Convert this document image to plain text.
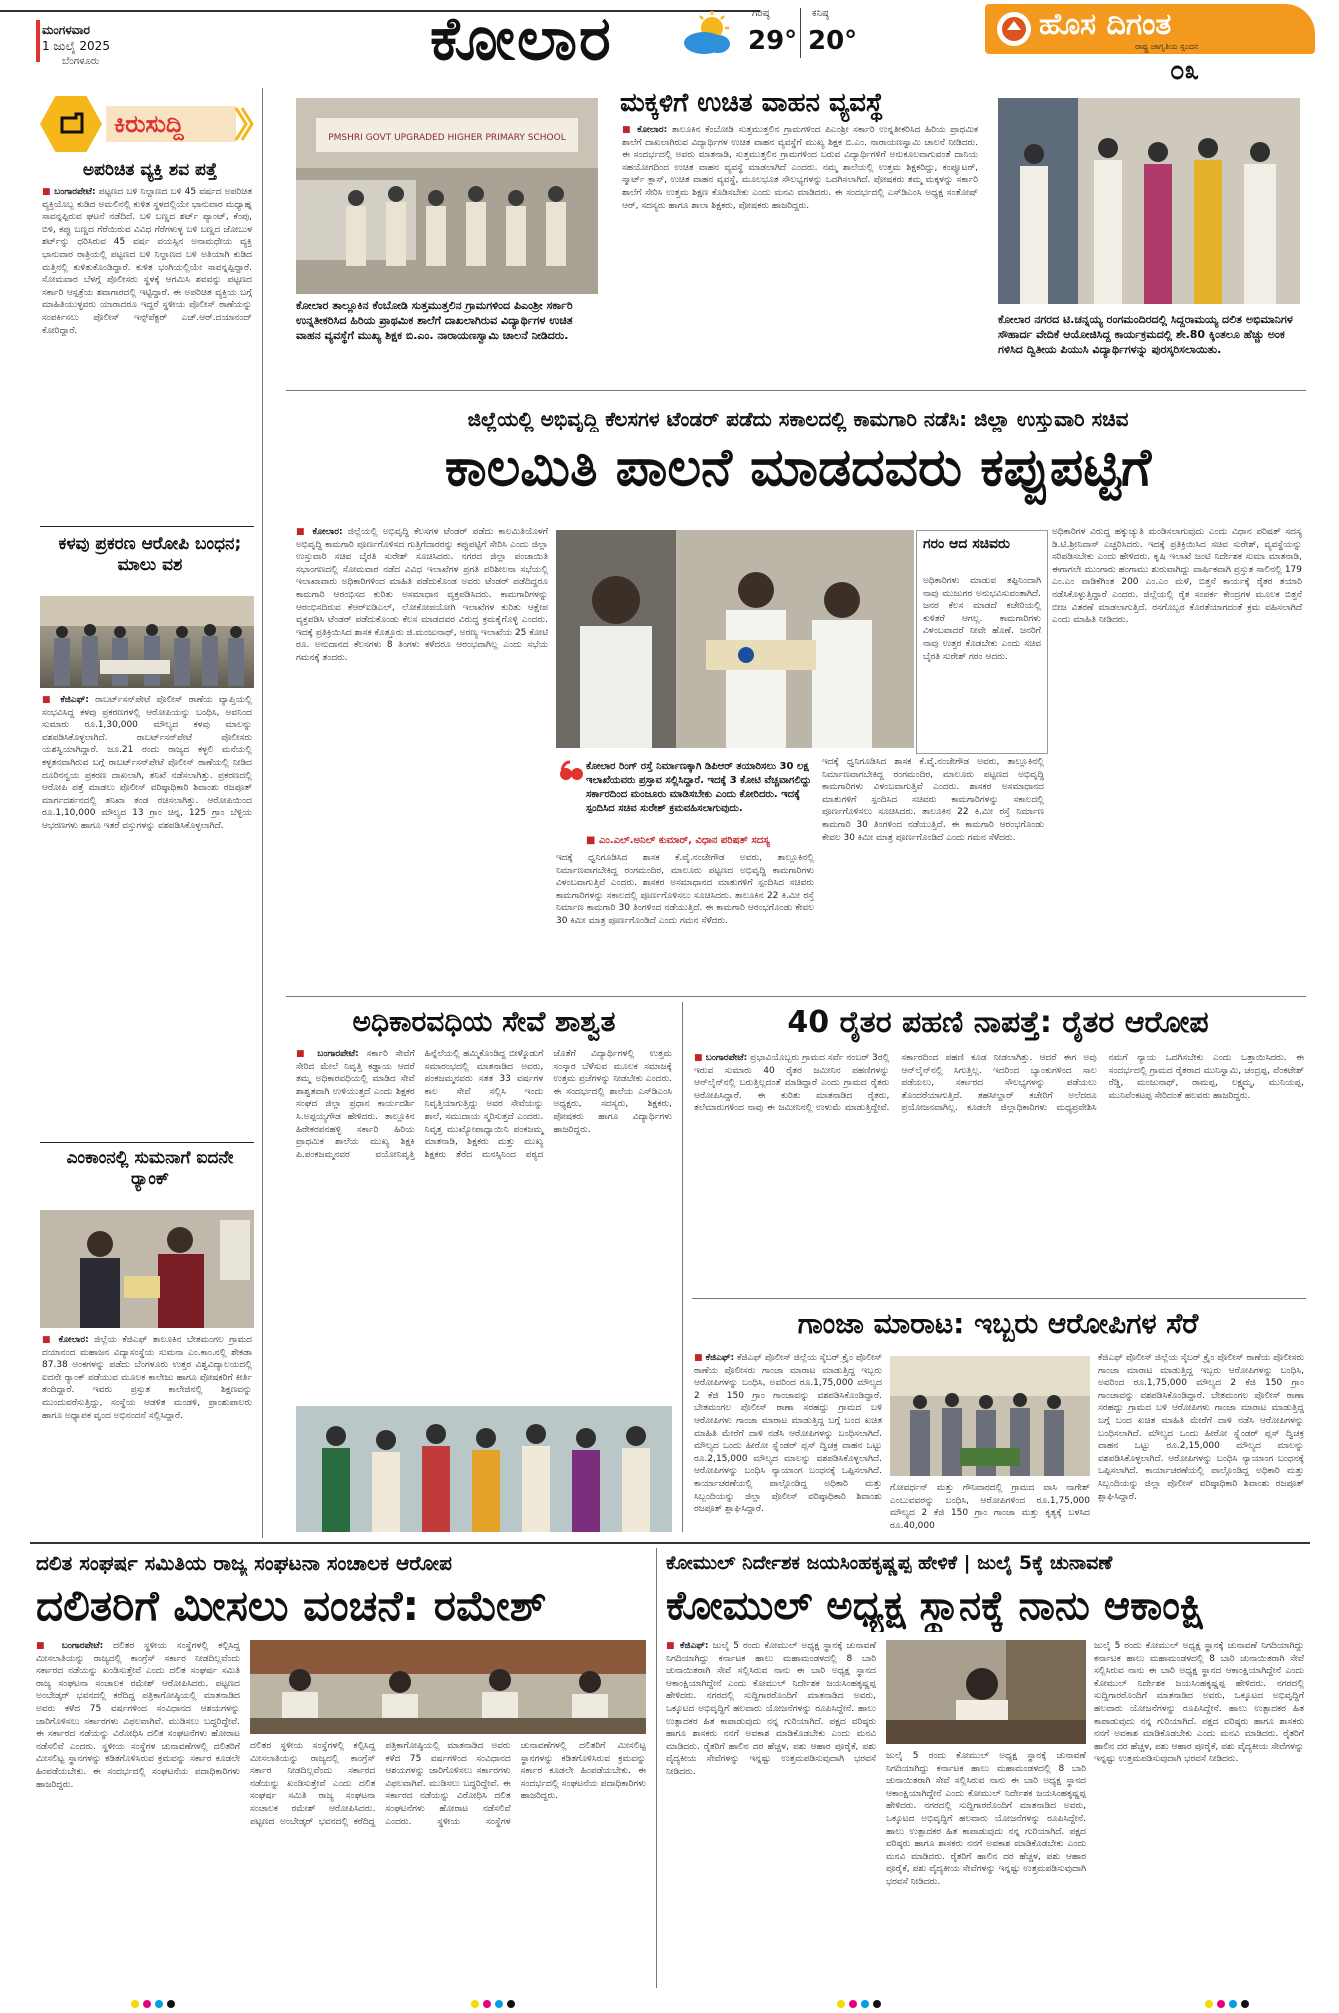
ಮಂಗಳವಾರ
1 ಜುಲೈ 2025
ಬೆಂಗಳೂರು	ಕೋಲಾರ	ಗರಿಷ್ಠ
29°
ಕನಿಷ್ಠ
20°	ಹೊಸ ದಿಗಂತ
ರಾಷ್ಟ್ರ ಜಾಗೃತಿಯ ಸ್ಪಂದನ
೦೩
ಕಿರುಸುದ್ದಿ
ಅಪರಿಚಿತ ವ್ಯಕ್ತಿ ಶವ ಪತ್ತೆ
■ ಬಂಗಾರಪೇಟೆ: ಪಟ್ಟಣದ ಬಳಿ ನಿಲ್ದಾಣದ ಬಳಿ 45 ವರ್ಷದ ಅಪರಿಚಿತ ವ್ಯಕ್ತಿಯೊಬ್ಬ ಕುಡಿದ ಅಮಲಿನಲ್ಲಿ ಕುಳಿತ ಸ್ಥಳದಲ್ಲಿಯೇ ಭಾನುವಾರ ಮಧ್ಯಾಹ್ನ ಸಾವನ್ನಪ್ಪಿರುವ ಘಟನೆ ನಡೆದಿದೆ. ಬಳಿ ಬಣ್ಣದ ಶರ್ಟ್ ಪ್ಯಾಂಟ್, ಕೆಂಪು, ಬಿಳಿ, ಕಪ್ಪು ಬಣ್ಣದ ಗೆರೆಯಿರುವ ವಿವಿಧ ಗೆರೆಗಳುಳ್ಳ ಬಳಿ ಬಣ್ಣದ ಜೋಬುಳ ಶರ್ಟ್‌ನ್ನು ಧರಿಸಿರುವ 45 ವರ್ಷ ವಯಸ್ಸಿನ ಅನಾಮಧೇಯ ವ್ಯಕ್ತಿ ಭಾನುವಾರ ರಾತ್ರಿಯಲ್ಲಿ ಪಟ್ಟಣದ ಬಳಿ ನಿಲ್ದಾಣದ ಬಳಿ ಅತಿಯಾಗಿ ಕುಡಿದ ಮತ್ತಿನಲ್ಲಿ ಕುಳಿತುಕೊಂಡಿದ್ದಾರೆ. ಕುಳಿತ ಭಂಗಿಯಲ್ಲಿಯೇ ಸಾವನ್ನಪ್ಪಿದ್ದಾರೆ. ಸೋಮವಾರ ಬೆಳಗ್ಗೆ ಪೊಲೀಸರು ಸ್ಥಳಕ್ಕೆ ಆಗಮಿಸಿ ಶವವನ್ನು ಪಟ್ಟಣದ ಸರ್ಕಾರಿ ಆಸ್ಪತ್ರೆಯ ಶವಾಗಾರದಲ್ಲಿ ಇಟ್ಟಿದ್ದಾರೆ. ಈ ಅಪರಿಚಿತ ವ್ಯಕ್ತಿಯ ಬಗ್ಗೆ ಮಾಹಿತಿಯುಳ್ಳವರು ಯಾರಾದರೂ ಇದ್ದರೆ ಸ್ಥಳೀಯ ಪೊಲೀಸ್ ಠಾಣೆಯನ್ನು ಸಂಪರ್ಕಿಸಲು ಪೊಲೀಸ್ ಇನ್ಸ್‌ಪೆಕ್ಟರ್ ಎಚ್.ಆರ್.ದಯಾನಂದ್ ಕೋರಿದ್ದಾರೆ.
ಕಳವು ಪ್ರಕರಣ ಆರೋಪಿ ಬಂಧನ; ಮಾಲು ವಶ
■ ಕೆಜಿಎಫ್: ರಾಬರ್ಟ್‌ಸನ್‌ಪೇಟೆ ಪೊಲೀಸ್ ಠಾಣೆಯ ವ್ಯಾಪ್ತಿಯಲ್ಲಿ ಸಂಭವಿಸಿದ್ದ ಕಳವು ಪ್ರಕರಣಗಳಲ್ಲಿ ಆರೋಪಿಯನ್ನು ಬಂಧಿಸಿ, ಅವನಿಂದ ಸುಮಾರು ರೂ.1,30,000 ಮೌಲ್ಯದ ಕಳವು ಮಾಲನ್ನು ವಶಪಡಿಸಿಕೊಳ್ಳಲಾಗಿದೆ. ರಾಬರ್ಟ್‌ಸನ್‌ಪೇಟೆ ಪೊಲೀಸರು ಯಶಸ್ವಿಯಾಗಿದ್ದಾರೆ. ಜೂ.21 ರಂದು ರಾಜ್ಯದ ಕಳ್ಳಲಿ ಮನೆಯಲ್ಲಿ ಕಳ್ಳತನವಾಗಿರುವ ಬಗ್ಗೆ ರಾಬರ್ಟ್‌ಸನ್‌ಪೇಟೆ ಪೊಲೀಸ್ ಠಾಣೆಯಲ್ಲಿ ನೀಡಿದ ದೂರಿನನ್ವಯ ಪ್ರಕರಣ ದಾಖಲಾಗಿ, ತನಿಖೆ ನಡೆಸಲಾಗಿತ್ತು. ಪ್ರಕರಣದಲ್ಲಿ ಆರೋಪಿ ಪತ್ತೆ ಮಾಡಲು ಪೊಲೀಸ್ ವರಿಷ್ಠಾಧಿಕಾರಿ ಶಿವಾಂಶು ರಜಪೂತ್ ಮಾರ್ಗದರ್ಶನದಲ್ಲಿ ತನಿಖಾ ತಂಡ ರಚಿಸಲಾಗಿತ್ತು. ಆರೋಪಿಯಿಂದ ರೂ.1,10,000 ಮೌಲ್ಯದ 13 ಗ್ರಾಂ ಚಿನ್ನ, 125 ಗ್ರಾಂ ಬೆಳ್ಳಿಯ ಆಭರಣಗಳು ಹಾಗೂ ಇತರೆ ವಸ್ತುಗಳನ್ನು ವಶಪಡಿಸಿಕೊಳ್ಳಲಾಗಿದೆ.
ಎಂಕಾಂನಲ್ಲಿ ಸುಮನಾಗೆ ಐದನೇ ರ‍್ಯಾಂಕ್
■ ಕೋಲಾರ: ಜಿಲ್ಲೆಯ ಕೆಜಿಎಫ್ ತಾಲೂಕಿನ ಬೇತಮಂಗಲ ಗ್ರಾಮದ ದಯಾನಂದ ಮಹಾಜನ ವಿದ್ಯಾಸಂಸ್ಥೆಯ ಸುಮನಾ ಎಂ.ಕಾಂ.ನಲ್ಲಿ ಶೇಕಡಾ 87.38 ಅಂಕಗಳನ್ನು ಪಡೆದು ಬೆಂಗಳೂರು ಉತ್ತರ ವಿಶ್ವವಿದ್ಯಾಲಯದಲ್ಲಿ ಐದನೇ ರ‍್ಯಾಂಕ್ ಪಡೆಯುವ ಮೂಲಕ ಕಾಲೇಜು ಹಾಗೂ ಪೋಷಕರಿಗೆ ಕೀರ್ತಿ ತಂದಿದ್ದಾರೆ. ಇವರು ಪ್ರಸ್ತುತ ಕಾಲೇಜಿನಲ್ಲಿ ಶಿಕ್ಷಣವನ್ನು ಮುಂದುವರೆಸುತ್ತಿದ್ದು, ಸಂಸ್ಥೆಯ ಆಡಳಿತ ಮಂಡಳಿ, ಪ್ರಾಂಶುಪಾಲರು ಹಾಗೂ ಅಧ್ಯಾಪಕ ವೃಂದ ಅಭಿನಂದನೆ ಸಲ್ಲಿಸಿದ್ದಾರೆ.
PMSHRI GOVT UPGRADED HIGHER PRIMARY SCHOOL
ಕೋಲಾರ ತಾಲ್ಲೂಕಿನ ಕೆಂಬೋಡಿ ಸುತ್ತಮುತ್ತಲಿನ ಗ್ರಾಮಗಳಿಂದ ಪಿಎಂಶ್ರೀ ಸರ್ಕಾರಿ ಉನ್ನತೀಕರಿಸಿದ ಹಿರಿಯ ಪ್ರಾಥಮಿಕ ಶಾಲೆಗೆ ದಾಖಲಾಗಿರುವ ವಿದ್ಯಾರ್ಥಿಗಳ ಉಚಿತ ವಾಹನ ವ್ಯವಸ್ಥೆಗೆ ಮುಖ್ಯ ಶಿಕ್ಷಕ ಬಿ.ಎಂ. ನಾರಾಯಣಸ್ವಾಮಿ ಚಾಲನೆ ನೀಡಿದರು.
ಮಕ್ಕಳಿಗೆ ಉಚಿತ ವಾಹನ ವ್ಯವಸ್ಥೆ
■ ಕೋಲಾರ: ತಾಲೂಕಿನ ಕೆಂಬೋಡಿ ಸುತ್ತಮುತ್ತಲಿನ ಗ್ರಾಮಗಳಿಂದ ಪಿಎಂಶ್ರೀ ಸರ್ಕಾರಿ ಉನ್ನತೀಕರಿಸಿದ ಹಿರಿಯ ಪ್ರಾಥಮಿಕ ಶಾಲೆಗೆ ದಾಖಲಾಗಿರುವ ವಿದ್ಯಾರ್ಥಿಗಳ ಉಚಿತ ವಾಹನ ವ್ಯವಸ್ಥೆಗೆ ಮುಖ್ಯ ಶಿಕ್ಷಕ ಬಿ.ಎಂ. ನಾರಾಯಣಸ್ವಾಮಿ ಚಾಲನೆ ನೀಡಿದರು. ಈ ಸಂದರ್ಭದಲ್ಲಿ ಅವರು ಮಾತನಾಡಿ, ಸುತ್ತಮುತ್ತಲಿನ ಗ್ರಾಮಗಳಿಂದ ಬರುವ ವಿದ್ಯಾರ್ಥಿಗಳಿಗೆ ಅನುಕೂಲವಾಗುವಂತೆ ದಾನಿಯ ಸಹಯೋಗದಿಂದ ಉಚಿತ ವಾಹನ ವ್ಯವಸ್ಥೆ ಮಾಡಲಾಗಿದೆ ಎಂದರು. ನಮ್ಮ ಶಾಲೆಯಲ್ಲಿ ಉತ್ತಮ ಶಿಕ್ಷಕರಿದ್ದು, ಕಂಪ್ಯೂಟರ್, ಸ್ಮಾರ್ಟ್ ಕ್ಲಾಸ್, ಉಚಿತ ವಾಹನ ವ್ಯವಸ್ಥೆ, ಮೂಲಭೂತ ಸೌಲಭ್ಯಗಳನ್ನು ಒದಗಿಸಲಾಗಿದೆ. ಪೋಷಕರು ತಮ್ಮ ಮಕ್ಕಳನ್ನು ಸರ್ಕಾರಿ ಶಾಲೆಗೆ ಸೇರಿಸಿ ಉತ್ತಮ ಶಿಕ್ಷಣ ಕೊಡಿಸಬೇಕು ಎಂದು ಮನವಿ ಮಾಡಿದರು. ಈ ಸಂದರ್ಭದಲ್ಲಿ ಎಸ್‌ಡಿಎಂಸಿ ಅಧ್ಯಕ್ಷ ಸಂತೋಷ್ ಆರ್, ಸದಸ್ಯರು ಹಾಗೂ ಶಾಲಾ ಶಿಕ್ಷಕರು, ಪೋಷಕರು ಹಾಜರಿದ್ದರು.
ಕೋಲಾರ ನಗರದ ಟಿ.ಚನ್ನಯ್ಯ ರಂಗಮಂದಿರದಲ್ಲಿ ಸಿದ್ದರಾಮಯ್ಯ ದಲಿತ ಅಭಿಮಾನಿಗಳ ಸೌಹಾರ್ದ ವೇದಿಕೆ ಆಯೋಜಿಸಿದ್ದ ಕಾರ್ಯಕ್ರಮದಲ್ಲಿ ಶೇ.80 ಕ್ಕಿಂತಲೂ ಹೆಚ್ಚು ಅಂಕ ಗಳಿಸಿದ ದ್ವಿತೀಯ ಪಿಯುಸಿ ವಿದ್ಯಾರ್ಥಿಗಳನ್ನು ಪುರಸ್ಕರಿಸಲಾಯಿತು.
ಜಿಲ್ಲೆಯಲ್ಲಿ ಅಭಿವೃದ್ಧಿ ಕೆಲಸಗಳ ಟೆಂಡರ್ ಪಡೆದು ಸಕಾಲದಲ್ಲಿ ಕಾಮಗಾರಿ ನಡೆಸಿ: ಜಿಲ್ಲಾ ಉಸ್ತುವಾರಿ ಸಚಿವ
ಕಾಲಮಿತಿ ಪಾಲನೆ ಮಾಡದವರು ಕಪ್ಪುಪಟ್ಟಿಗೆ
■ ಕೋಲಾರ: ಜಿಲ್ಲೆಯಲ್ಲಿ ಅಭಿವೃದ್ಧಿ ಕೆಲಸಗಳ ಟೆಂಡರ್ ಪಡೆದು ಕಾಲಮಿತಿಯೊಳಗೆ ಅಭಿವೃದ್ಧಿ ಕಾಮಗಾರಿ ಪೂರ್ಣಗೊಳಿಸದ ಗುತ್ತಿಗೆದಾರರನ್ನು ಕಪ್ಪುಪಟ್ಟಿಗೆ ಸೇರಿಸಿ ಎಂದು ಜಿಲ್ಲಾ ಉಸ್ತುವಾರಿ ಸಚಿವ ಬೈರತಿ ಸುರೇಶ್ ಸೂಚಿಸಿದರು. ನಗರದ ಜಿಲ್ಲಾ ಪಂಚಾಯಿತಿ ಸಭಾಂಗಣದಲ್ಲಿ ಸೋಮವಾರ ನಡೆದ ವಿವಿಧ ಇಲಾಖೆಗಳ ಪ್ರಗತಿ ಪರಿಶೀಲನಾ ಸಭೆಯಲ್ಲಿ ಇಲಾಖಾವಾರು ಅಧಿಕಾರಿಗಳಿಂದ ಮಾಹಿತಿ ಪಡೆದುಕೊಂಡ ಅವರು ಟೆಂಡರ್ ಪಡೆದಿದ್ದರೂ ಕಾಮಗಾರಿ ಆರಂಭಿಸದ ಕುರಿತು ಅಸಮಾಧಾನ ವ್ಯಕ್ತಪಡಿಸಿದರು. ಕಾಮಗಾರಿಗಳನ್ನು ಆರಂಭಿಸದಿರುವ ಕೆಆರ್‌ಐಡಿಎಲ್, ಲೋಕೋಪಯೋಗಿ ಇಲಾಖೆಗಳ ಕುರಿತು ಆಕ್ಷೇಪ ವ್ಯಕ್ತಪಡಿಸಿ ಟೆಂಡರ್ ಪಡೆದುಕೊಂಡು ಕೆಲಸ ಮಾಡದವರ ವಿರುದ್ಧ ಕ್ರಮಕೈಗೊಳ್ಳಿ ಎಂದರು. ಇದಕ್ಕೆ ಪ್ರತಿಕ್ರಿಯಿಸಿದ ಶಾಸಕ ಕೊತ್ತೂರು ಜಿ.ಮಂಜುನಾಥ್, ಅರಣ್ಯ ಇಲಾಖೆಯ 25 ಕೋಟಿ ರೂ. ಅನುದಾನದ ಕೆಲಸಗಳು 8 ತಿಂಗಳು ಕಳೆದರೂ ಆರಂಭವಾಗಿಲ್ಲ ಎಂದು ಸಭೆಯ ಗಮನಕ್ಕೆ ತಂದರು.
ಗರಂ ಆದ ಸಚಿವರು
ಅಧಿಕಾರಿಗಳು ಮಾಡುವ ತಪ್ಪಿನಿಂದಾಗಿ ನಾವು ಮುಜುಗರ ಅನುಭವಿಸುವಂತಾಗಿದೆ. ಜನರ ಕೆಲಸ ಮಾಡದೆ ಕಚೇರಿಯಲ್ಲಿ ಕುಳಿತರೆ ಆಗಲ್ಲ. ಕಾಮಗಾರಿಗಳು ವಿಳಂಬವಾದರೆ ನೀವೇ ಹೊಣೆ. ಜನರಿಗೆ ನಾವು ಉತ್ತರ ಕೊಡಬೇಕು ಎಂದು ಸಚಿವ ಬೈರತಿ ಸುರೇಶ್ ಗರಂ ಆದರು.
ಕೋಲಾರ ರಿಂಗ್ ರಸ್ತೆ ನಿರ್ಮಾಣಕ್ಕಾಗಿ ಡಿಪಿಆರ್ ತಯಾರಿಸಲು 30 ಲಕ್ಷ ಇಲಾಖೆಯವರು ಪ್ರಸ್ತಾವ ಸಲ್ಲಿಸಿದ್ದಾರೆ. ಇದಕ್ಕೆ 3 ಕೋಟಿ ವೆಚ್ಚವಾಗಲಿದ್ದು ಸರ್ಕಾರದಿಂದ ಮಂಜೂರು ಮಾಡಿಸಬೇಕು ಎಂದು ಕೋರಿದರು. ಇದಕ್ಕೆ ಸ್ಪಂದಿಸಿದ ಸಚಿವ ಸುರೇಶ್ ಕ್ರಮವಹಿಸಲಾಗುವುದು.
■ ಎಂ.ಎಲ್.ಅನಿಲ್ ಕುಮಾರ್, ವಿಧಾನ ಪರಿಷತ್ ಸದಸ್ಯ
ಇದಕ್ಕೆ ಧ್ವನಿಗೂಡಿಸಿದ ಶಾಸಕ ಕೆ.ವೈ.ನಂಜೇಗೌಡ ಅವರು, ತಾಲ್ಲೂಕಿನಲ್ಲಿ ನಿರ್ಮಾಣವಾಗಬೇಕಿದ್ದ ರಂಗಮಂದಿರ, ಮಾಲೂರು ಪಟ್ಟಣದ ಅಭಿವೃದ್ಧಿ ಕಾಮಗಾರಿಗಳು ವಿಳಂಬವಾಗುತ್ತಿವೆ ಎಂದರು. ಶಾಸಕರ ಅಸಮಾಧಾನದ ಮಾತುಗಳಿಗೆ ಸ್ಪಂದಿಸಿದ ಸಚಿವರು ಕಾಮಗಾರಿಗಳನ್ನು ಸಕಾಲದಲ್ಲಿ ಪೂರ್ಣಗೊಳಿಸಲು ಸೂಚಿಸಿದರು. ತಾಲೂಕಿನ 22 ಕಿ.ಮೀ ರಸ್ತೆ ನಿರ್ಮಾಣ ಕಾಮಗಾರಿ 30 ತಿಂಗಳಿಂದ ನಡೆಯುತ್ತಿದೆ. ಈ ಕಾಮಗಾರಿ ಆರಂಭಗೊಂಡು ಕೇವಲ 30 ಕಿಮೀ ಮಾತ್ರ ಪೂರ್ಣಗೊಂಡಿದೆ ಎಂದು ಗಮನ ಸೆಳೆದರು.
ಇದಕ್ಕೆ ಧ್ವನಿಗೂಡಿಸಿದ ಶಾಸಕ ಕೆ.ವೈ.ನಂಜೇಗೌಡ ಅವರು, ತಾಲ್ಲೂಕಿನಲ್ಲಿ ನಿರ್ಮಾಣವಾಗಬೇಕಿದ್ದ ರಂಗಮಂದಿರ, ಮಾಲೂರು ಪಟ್ಟಣದ ಅಭಿವೃದ್ಧಿ ಕಾಮಗಾರಿಗಳು ವಿಳಂಬವಾಗುತ್ತಿವೆ ಎಂದರು. ಶಾಸಕರ ಅಸಮಾಧಾನದ ಮಾತುಗಳಿಗೆ ಸ್ಪಂದಿಸಿದ ಸಚಿವರು ಕಾಮಗಾರಿಗಳನ್ನು ಸಕಾಲದಲ್ಲಿ ಪೂರ್ಣಗೊಳಿಸಲು ಸೂಚಿಸಿದರು. ತಾಲೂಕಿನ 22 ಕಿ.ಮೀ ರಸ್ತೆ ನಿರ್ಮಾಣ ಕಾಮಗಾರಿ 30 ತಿಂಗಳಿಂದ ನಡೆಯುತ್ತಿದೆ. ಈ ಕಾಮಗಾರಿ ಆರಂಭಗೊಂಡು ಕೇವಲ 30 ಕಿಮೀ ಮಾತ್ರ ಪೂರ್ಣಗೊಂಡಿದೆ ಎಂದು ಗಮನ ಸೆಳೆದರು.
ಅಧಿಕಾರಿಗಳ ವಿರುದ್ಧ ಹಕ್ಕುಚ್ಯುತಿ ಮಂಡಿಸಲಾಗುವುದು ಎಂದು ವಿಧಾನ ಪರಿಷತ್ ಸದಸ್ಯ ಡಿ.ಟಿ.ಶ್ರೀನಿವಾಸ್ ಎಚ್ಚರಿಸಿದರು. ಇದಕ್ಕೆ ಪ್ರತಿಕ್ರಿಯಿಸಿದ ಸಚಿವ ಸುರೇಶ್, ವ್ಯವಸ್ಥೆಯನ್ನು ಸರಿಪಡಿಸಬೇಕು ಎಂದು ಹೇಳಿದರು. ಕೃಷಿ ಇಲಾಖೆ ಜಂಟಿ ನಿರ್ದೇಶಕ ಸುಮಾ ಮಾತನಾಡಿ, ಈಗಾಗಲೇ ಮುಂಗಾರು ಹಂಗಾಮು ಶುರುವಾಗಿದ್ದು ವಾರ್ಷಿಕವಾಗಿ ಪ್ರಸ್ತುತ ಸಾಲಿನಲ್ಲಿ 179 ಎಂ.ಎಂ ವಾಡಿಕೆಗಿಂತ 200 ಎಂ.ಎಂ ಮಳೆ, ಬಿತ್ತನೆ ಕಾರ್ಯಕ್ಕೆ ರೈತರ ತಯಾರಿ ನಡೆಸಿಕೊಳ್ಳುತ್ತಿದ್ದಾರೆ ಎಂದರು. ಜಿಲ್ಲೆಯಲ್ಲಿ ರೈತ ಸಂಪರ್ಕ ಕೇಂದ್ರಗಳ ಮೂಲಕ ಬಿತ್ತನೆ ಬೀಜ ವಿತರಣೆ ಮಾಡಲಾಗುತ್ತಿದೆ. ರಸಗೊಬ್ಬರ ಕೊರತೆಯಾಗದಂತೆ ಕ್ರಮ ವಹಿಸಲಾಗಿದೆ ಎಂದು ಮಾಹಿತಿ ನೀಡಿದರು.
ಅಧಿಕಾರವಧಿಯ ಸೇವೆ ಶಾಶ್ವತ
■ ಬಂಗಾರಪೇಟೆ: ಸರ್ಕಾರಿ ಸೇವೆಗೆ ಸೇರಿದ ಮೇಲೆ ನಿವೃತ್ತಿ ಕಡ್ಡಾಯ ಆದರೆ ತಮ್ಮ ಅಧಿಕಾರವಧಿಯಲ್ಲಿ ಮಾಡಿದ ಸೇವೆ ಶಾಶ್ವತವಾಗಿ ಉಳಿಯುತ್ತದೆ ಎಂದು ಶಿಕ್ಷಕರ ಸಂಘದ ಜಿಲ್ಲಾ ಪ್ರಧಾನ ಕಾರ್ಯದರ್ಶಿ ಸಿ.ಅಪ್ಪಯ್ಯಗೌಡ ಹೇಳಿದರು. ತಾಲ್ಲೂಕಿನ ಹಿರೇಕರಪನಹಳ್ಳಿ ಸರ್ಕಾರಿ ಹಿರಿಯ ಪ್ರಾಥಮಿಕ ಶಾಲೆಯ ಮುಖ್ಯ ಶಿಕ್ಷಕಿ ಪಿ.ಪಂಕಜಮ್ಮನವರ ವಯೋನಿವೃತ್ತಿ ಹಿನ್ನೆಲೆಯಲ್ಲಿ ಹಮ್ಮಿಕೊಂಡಿದ್ದ ಬೀಳ್ಕೊಡುಗೆ ಸಮಾರಂಭದಲ್ಲಿ ಮಾತನಾಡಿದ ಅವರು, ಪಂಕಜಮ್ಮನವರು ಸತತ 33 ವರ್ಷಗಳ ಕಾಲ ಸೇವೆ ಸಲ್ಲಿಸಿ ಇಂದು ನಿವೃತ್ತಿಯಾಗುತ್ತಿದ್ದು ಅವರ ಸೇವೆಯನ್ನು ಶಾಲೆ, ಸಮುದಾಯ ಸ್ಮರಿಸುತ್ತದೆ ಎಂದರು. ನಿವೃತ್ತ ಮುಖ್ಯೋಪಾಧ್ಯಾಯಿನಿ ಪಂಕಜಮ್ಮ ಮಾತನಾಡಿ, ಶಿಕ್ಷಕರು ಮತ್ತು ಮುಖ್ಯ ಶಿಕ್ಷಕರು ತೆರೆದ ಮನಸ್ಸಿನಿಂದ ಪಠ್ಯದ ಜೊತೆಗೆ ವಿದ್ಯಾರ್ಥಿಗಳಲ್ಲಿ ಉತ್ತಮ ಸಂಸ್ಕಾರ ಬೆಳೆಸುವ ಮೂಲಕ ಸಮಾಜಕ್ಕೆ ಉತ್ತಮ ಪ್ರಜೆಗಳನ್ನು ನೀಡಬೇಕು ಎಂದರು. ಈ ಸಂದರ್ಭದಲ್ಲಿ ಶಾಲೆಯ ಎಸ್‌ಡಿಎಂಸಿ ಅಧ್ಯಕ್ಷರು, ಸದಸ್ಯರು, ಶಿಕ್ಷಕರು, ಪೋಷಕರು ಹಾಗೂ ವಿದ್ಯಾರ್ಥಿಗಳು ಹಾಜರಿದ್ದರು.
40 ರೈತರ ಪಹಣಿ ನಾಪತ್ತೆ: ರೈತರ ಆರೋಪ
■ ಬಂಗಾರಪೇಟೆ: ಪ್ರಭಾವಿಯೊಬ್ಬರು ಗ್ರಾಮದ ಸರ್ವೆ ನಂಬರ್ 3ರಲ್ಲಿ ಇರುವ ಸುಮಾರು 40 ರೈತರ ಜಮೀನಿನ ಪಹಣಿಗಳನ್ನು ಆನ್‌ಲೈನ್‌ನಲ್ಲಿ ಬರುತ್ತಿಲ್ಲದಂತೆ ಮಾಡಿದ್ದಾರೆ ಎಂದು ಗ್ರಾಮದ ರೈತರು ಆರೋಪಿಸಿದ್ದಾರೆ. ಈ ಕುರಿತು ಮಾತನಾಡಿದ ರೈತರು, ತಲೆಮಾರುಗಳಿಂದ ನಾವು ಈ ಜಮೀನಿನಲ್ಲಿ ಉಳುಮೆ ಮಾಡುತ್ತಿದ್ದೇವೆ. ಸರ್ಕಾರದಿಂದ ಪಹಣಿ ಕೂಡ ನೀಡಲಾಗಿತ್ತು. ಆದರೆ ಈಗ ಅವು ಆನ್‌ಲೈನ್‌ನಲ್ಲಿ ಸಿಗುತ್ತಿಲ್ಲ. ಇದರಿಂದ ಬ್ಯಾಂಕುಗಳಿಂದ ಸಾಲ ಪಡೆಯಲು, ಸರ್ಕಾರದ ಸೌಲಭ್ಯಗಳನ್ನು ಪಡೆಯಲು ತೊಂದರೆಯಾಗುತ್ತಿದೆ. ತಹಸೀಲ್ದಾರ್ ಕಚೇರಿಗೆ ಅಲೆದರೂ ಪ್ರಯೋಜನವಾಗಿಲ್ಲ. ಕೂಡಲೇ ಜಿಲ್ಲಾಧಿಕಾರಿಗಳು ಮಧ್ಯಪ್ರವೇಶಿಸಿ ನಮಗೆ ನ್ಯಾಯ ಒದಗಿಸಬೇಕು ಎಂದು ಒತ್ತಾಯಿಸಿದರು. ಈ ಸಂದರ್ಭದಲ್ಲಿ ಗ್ರಾಮದ ರೈತರಾದ ಮುನಿಸ್ವಾಮಿ, ಚಂದ್ರಪ್ಪ, ವೆಂಕಟೇಶ್ ರೆಡ್ಡಿ, ಮಂಜುನಾಥ್, ರಾಮಪ್ಪ, ಲಕ್ಷ್ಮಮ್ಮ, ಮುನಿಯಪ್ಪ, ಮುನಿವೆಂಕಟಪ್ಪ ಸೇರಿದಂತೆ ಹಲವರು ಹಾಜರಿದ್ದರು.
ಗಾಂಜಾ ಮಾರಾಟ: ಇಬ್ಬರು ಆರೋಪಿಗಳ ಸೆರೆ
■ ಕೆಜಿಎಫ್: ಕೆಜಿಎಫ್ ಪೊಲೀಸ್ ಜಿಲ್ಲೆಯ ಸೈಬರ್ ಕ್ರೈಂ ಪೊಲೀಸ್ ಠಾಣೆಯ ಪೊಲೀಸರು ಗಾಂಜಾ ಮಾರಾಟ ಮಾಡುತ್ತಿದ್ದ ಇಬ್ಬರು ಆರೋಪಿಗಳನ್ನು ಬಂಧಿಸಿ, ಅವರಿಂದ ರೂ.1,75,000 ಮೌಲ್ಯದ 2 ಕೆಜಿ 150 ಗ್ರಾಂ ಗಾಂಜಾವನ್ನು ವಶಪಡಿಸಿಕೊಂಡಿದ್ದಾರೆ. ಬೇತಮಂಗಲ ಪೊಲೀಸ್ ಠಾಣಾ ಸರಹದ್ದು ಗ್ರಾಮದ ಬಳಿ ಆರೋಪಿಗಳು ಗಾಂಜಾ ಮಾರಾಟ ಮಾಡುತ್ತಿದ್ದ ಬಗ್ಗೆ ಬಂದ ಖಚಿತ ಮಾಹಿತಿ ಮೇರೆಗೆ ದಾಳಿ ನಡೆಸಿ ಆರೋಪಿಗಳನ್ನು ಬಂಧಿಸಲಾಗಿದೆ. ಮೌಲ್ಯದ ಒಂದು ಹೀರೋ ಸ್ಪ್ಲೆಂಡರ್ ಪ್ಲಸ್ ದ್ವಿಚಕ್ರ ವಾಹನ ಒಟ್ಟು ರೂ.2,15,000 ಮೌಲ್ಯದ ಮಾಲನ್ನು ವಶಪಡಿಸಿಕೊಳ್ಳಲಾಗಿದೆ. ಆರೋಪಿಗಳನ್ನು ಬಂಧಿಸಿ ನ್ಯಾಯಾಂಗ ಬಂಧನಕ್ಕೆ ಒಪ್ಪಿಸಲಾಗಿದೆ. ಕಾರ್ಯಾಚರಣೆಯಲ್ಲಿ ಪಾಲ್ಗೊಂಡಿದ್ದ ಅಧಿಕಾರಿ ಮತ್ತು ಸಿಬ್ಬಂದಿಯನ್ನು ಜಿಲ್ಲಾ ಪೊಲೀಸ್ ವರಿಷ್ಠಾಧಿಕಾರಿ ಶಿವಾಂಶು ರಜಪೂತ್ ಶ್ಲಾಘಿಸಿದ್ದಾರೆ.
ಗೋವರ್ಧನ್ ಮತ್ತು ಗೌನಿವಾರದಲ್ಲಿ ಗ್ರಾಮದ ವಾಸಿ ನಾಗೇಶ್ ಎಂಬುವವರನ್ನು ಬಂಧಿಸಿ, ಆರೋಪಿಗಳಿಂದ ರೂ.1,75,000 ಮೌಲ್ಯದ 2 ಕೆಜಿ 150 ಗ್ರಾಂ ಗಾಂಜಾ ಮತ್ತು ಕೃತ್ಯಕ್ಕೆ ಬಳಸಿದ ರೂ.40,000
ಕೆಜಿಎಫ್ ಪೊಲೀಸ್ ಜಿಲ್ಲೆಯ ಸೈಬರ್ ಕ್ರೈಂ ಪೊಲೀಸ್ ಠಾಣೆಯ ಪೊಲೀಸರು ಗಾಂಜಾ ಮಾರಾಟ ಮಾಡುತ್ತಿದ್ದ ಇಬ್ಬರು ಆರೋಪಿಗಳನ್ನು ಬಂಧಿಸಿ, ಅವರಿಂದ ರೂ.1,75,000 ಮೌಲ್ಯದ 2 ಕೆಜಿ 150 ಗ್ರಾಂ ಗಾಂಜಾವನ್ನು ವಶಪಡಿಸಿಕೊಂಡಿದ್ದಾರೆ. ಬೇತಮಂಗಲ ಪೊಲೀಸ್ ಠಾಣಾ ಸರಹದ್ದು ಗ್ರಾಮದ ಬಳಿ ಆರೋಪಿಗಳು ಗಾಂಜಾ ಮಾರಾಟ ಮಾಡುತ್ತಿದ್ದ ಬಗ್ಗೆ ಬಂದ ಖಚಿತ ಮಾಹಿತಿ ಮೇರೆಗೆ ದಾಳಿ ನಡೆಸಿ ಆರೋಪಿಗಳನ್ನು ಬಂಧಿಸಲಾಗಿದೆ. ಮೌಲ್ಯದ ಒಂದು ಹೀರೋ ಸ್ಪ್ಲೆಂಡರ್ ಪ್ಲಸ್ ದ್ವಿಚಕ್ರ ವಾಹನ ಒಟ್ಟು ರೂ.2,15,000 ಮೌಲ್ಯದ ಮಾಲನ್ನು ವಶಪಡಿಸಿಕೊಳ್ಳಲಾಗಿದೆ. ಆರೋಪಿಗಳನ್ನು ಬಂಧಿಸಿ ನ್ಯಾಯಾಂಗ ಬಂಧನಕ್ಕೆ ಒಪ್ಪಿಸಲಾಗಿದೆ. ಕಾರ್ಯಾಚರಣೆಯಲ್ಲಿ ಪಾಲ್ಗೊಂಡಿದ್ದ ಅಧಿಕಾರಿ ಮತ್ತು ಸಿಬ್ಬಂದಿಯನ್ನು ಜಿಲ್ಲಾ ಪೊಲೀಸ್ ವರಿಷ್ಠಾಧಿಕಾರಿ ಶಿವಾಂಶು ರಜಪೂತ್ ಶ್ಲಾಘಿಸಿದ್ದಾರೆ.
ದಲಿತ ಸಂಘರ್ಷ ಸಮಿತಿಯ ರಾಜ್ಯ ಸಂಘಟನಾ ಸಂಚಾಲಕ ಆರೋಪ
ದಲಿತರಿಗೆ ಮೀಸಲು ವಂಚನೆ: ರಮೇಶ್
■ ಬಂಗಾರಪೇಟೆ: ದಲಿತರ ಸ್ಥಳೀಯ ಸಂಸ್ಥೆಗಳಲ್ಲಿ ಕಲ್ಪಿಸಿದ್ದ ಮೀಸಲಾತಿಯನ್ನು ರಾಜ್ಯದಲ್ಲಿ ಕಾಂಗ್ರೆಸ್ ಸರ್ಕಾರ ನೀಡದಿಲ್ಲವೆಂದು ಸರ್ಕಾರದ ನಡೆಯನ್ನು ಖಂಡಿಸುತ್ತೇವೆ ಎಂದು ದಲಿತ ಸಂಘರ್ಷ ಸಮಿತಿ ರಾಜ್ಯ ಸಂಘಟನಾ ಸಂಚಾಲಕ ರಮೇಶ್ ಆರೋಪಿಸಿದರು. ಪಟ್ಟಣದ ಅಂಬೇಡ್ಕರ್ ಭವನದಲ್ಲಿ ಕರೆದಿದ್ದ ಪತ್ರಿಕಾಗೋಷ್ಠಿಯಲ್ಲಿ ಮಾತನಾಡಿದ ಅವರು ಕಳೆದ 75 ವರ್ಷಗಳಿಂದ ಸಂವಿಧಾನದ ಆಶಯಗಳನ್ನು ಜಾರಿಗೊಳಿಸಲು ಸರ್ಕಾರಗಳು ವಿಫಲವಾಗಿವೆ. ಮುಡಿಸಲು ಬದ್ಧರಿದ್ದೇವೆ. ಈ ಸರ್ಕಾರದ ನಡೆಯನ್ನು ವಿರೋಧಿಸಿ ದಲಿತ ಸಂಘಟನೆಗಳು ಹೋರಾಟ ನಡೆಸಲಿವೆ ಎಂದರು. ಸ್ಥಳೀಯ ಸಂಸ್ಥೆಗಳ ಚುನಾವಣೆಗಳಲ್ಲಿ ದಲಿತರಿಗೆ ಮೀಸಲಿಟ್ಟ ಸ್ಥಾನಗಳನ್ನು ಕಡಿತಗೊಳಿಸಿರುವ ಕ್ರಮವನ್ನು ಸರ್ಕಾರ ಕೂಡಲೇ ಹಿಂಪಡೆಯಬೇಕು. ಈ ಸಂದರ್ಭದಲ್ಲಿ ಸಂಘಟನೆಯ ಪದಾಧಿಕಾರಿಗಳು ಹಾಜರಿದ್ದರು.
ದಲಿತರ ಸ್ಥಳೀಯ ಸಂಸ್ಥೆಗಳಲ್ಲಿ ಕಲ್ಪಿಸಿದ್ದ ಮೀಸಲಾತಿಯನ್ನು ರಾಜ್ಯದಲ್ಲಿ ಕಾಂಗ್ರೆಸ್ ಸರ್ಕಾರ ನೀಡದಿಲ್ಲವೆಂದು ಸರ್ಕಾರದ ನಡೆಯನ್ನು ಖಂಡಿಸುತ್ತೇವೆ ಎಂದು ದಲಿತ ಸಂಘರ್ಷ ಸಮಿತಿ ರಾಜ್ಯ ಸಂಘಟನಾ ಸಂಚಾಲಕ ರಮೇಶ್ ಆರೋಪಿಸಿದರು. ಪಟ್ಟಣದ ಅಂಬೇಡ್ಕರ್ ಭವನದಲ್ಲಿ ಕರೆದಿದ್ದ ಪತ್ರಿಕಾಗೋಷ್ಠಿಯಲ್ಲಿ ಮಾತನಾಡಿದ ಅವರು ಕಳೆದ 75 ವರ್ಷಗಳಿಂದ ಸಂವಿಧಾನದ ಆಶಯಗಳನ್ನು ಜಾರಿಗೊಳಿಸಲು ಸರ್ಕಾರಗಳು ವಿಫಲವಾಗಿವೆ. ಮುಡಿಸಲು ಬದ್ಧರಿದ್ದೇವೆ. ಈ ಸರ್ಕಾರದ ನಡೆಯನ್ನು ವಿರೋಧಿಸಿ ದಲಿತ ಸಂಘಟನೆಗಳು ಹೋರಾಟ ನಡೆಸಲಿವೆ ಎಂದರು. ಸ್ಥಳೀಯ ಸಂಸ್ಥೆಗಳ ಚುನಾವಣೆಗಳಲ್ಲಿ ದಲಿತರಿಗೆ ಮೀಸಲಿಟ್ಟ ಸ್ಥಾನಗಳನ್ನು ಕಡಿತಗೊಳಿಸಿರುವ ಕ್ರಮವನ್ನು ಸರ್ಕಾರ ಕೂಡಲೇ ಹಿಂಪಡೆಯಬೇಕು. ಈ ಸಂದರ್ಭದಲ್ಲಿ ಸಂಘಟನೆಯ ಪದಾಧಿಕಾರಿಗಳು ಹಾಜರಿದ್ದರು.
ಕೋಮುಲ್ ನಿರ್ದೇಶಕ ಜಯಸಿಂಹಕೃಷ್ಣಪ್ಪ ಹೇಳಿಕೆ | ಜುಲೈ 5ಕ್ಕೆ ಚುನಾವಣೆ
ಕೋಮುಲ್ ಅಧ್ಯಕ್ಷ ಸ್ಥಾನಕ್ಕೆ ನಾನು ಆಕಾಂಕ್ಷಿ
■ ಕೆಜಿಎಫ್: ಜುಲೈ 5 ರಂದು ಕೋಮುಲ್ ಅಧ್ಯಕ್ಷ ಸ್ಥಾನಕ್ಕೆ ಚುನಾವಣೆ ನಿಗದಿಯಾಗಿದ್ದು ಕರ್ನಾಟಕ ಹಾಲು ಮಹಾಮಂಡಳದಲ್ಲಿ 8 ಬಾರಿ ಚುನಾಯಿತರಾಗಿ ಸೇವೆ ಸಲ್ಲಿಸಿರುವ ನಾನು ಈ ಬಾರಿ ಅಧ್ಯಕ್ಷ ಸ್ಥಾನದ ಆಕಾಂಕ್ಷಿಯಾಗಿದ್ದೇನೆ ಎಂದು ಕೋಮುಲ್ ನಿರ್ದೇಶಕ ಜಯಸಿಂಹಕೃಷ್ಣಪ್ಪ ಹೇಳಿದರು. ನಗರದಲ್ಲಿ ಸುದ್ದಿಗಾರರೊಂದಿಗೆ ಮಾತನಾಡಿದ ಅವರು, ಒಕ್ಕೂಟದ ಅಭಿವೃದ್ಧಿಗೆ ಹಲವಾರು ಯೋಜನೆಗಳನ್ನು ರೂಪಿಸಿದ್ದೇನೆ. ಹಾಲು ಉತ್ಪಾದಕರ ಹಿತ ಕಾಪಾಡುವುದು ನನ್ನ ಗುರಿಯಾಗಿದೆ. ಪಕ್ಷದ ವರಿಷ್ಠರು ಹಾಗೂ ಶಾಸಕರು ನನಗೆ ಅವಕಾಶ ಮಾಡಿಕೊಡಬೇಕು ಎಂದು ಮನವಿ ಮಾಡಿದರು. ರೈತರಿಗೆ ಹಾಲಿನ ದರ ಹೆಚ್ಚಳ, ಪಶು ಆಹಾರ ಪೂರೈಕೆ, ಪಶು ವೈದ್ಯಕೀಯ ಸೇವೆಗಳನ್ನು ಇನ್ನಷ್ಟು ಉತ್ತಮಪಡಿಸುವುದಾಗಿ ಭರವಸೆ ನೀಡಿದರು.
ಜುಲೈ 5 ರಂದು ಕೋಮುಲ್ ಅಧ್ಯಕ್ಷ ಸ್ಥಾನಕ್ಕೆ ಚುನಾವಣೆ ನಿಗದಿಯಾಗಿದ್ದು ಕರ್ನಾಟಕ ಹಾಲು ಮಹಾಮಂಡಳದಲ್ಲಿ 8 ಬಾರಿ ಚುನಾಯಿತರಾಗಿ ಸೇವೆ ಸಲ್ಲಿಸಿರುವ ನಾನು ಈ ಬಾರಿ ಅಧ್ಯಕ್ಷ ಸ್ಥಾನದ ಆಕಾಂಕ್ಷಿಯಾಗಿದ್ದೇನೆ ಎಂದು ಕೋಮುಲ್ ನಿರ್ದೇಶಕ ಜಯಸಿಂಹಕೃಷ್ಣಪ್ಪ ಹೇಳಿದರು. ನಗರದಲ್ಲಿ ಸುದ್ದಿಗಾರರೊಂದಿಗೆ ಮಾತನಾಡಿದ ಅವರು, ಒಕ್ಕೂಟದ ಅಭಿವೃದ್ಧಿಗೆ ಹಲವಾರು ಯೋಜನೆಗಳನ್ನು ರೂಪಿಸಿದ್ದೇನೆ. ಹಾಲು ಉತ್ಪಾದಕರ ಹಿತ ಕಾಪಾಡುವುದು ನನ್ನ ಗುರಿಯಾಗಿದೆ. ಪಕ್ಷದ ವರಿಷ್ಠರು ಹಾಗೂ ಶಾಸಕರು ನನಗೆ ಅವಕಾಶ ಮಾಡಿಕೊಡಬೇಕು ಎಂದು ಮನವಿ ಮಾಡಿದರು. ರೈತರಿಗೆ ಹಾಲಿನ ದರ ಹೆಚ್ಚಳ, ಪಶು ಆಹಾರ ಪೂರೈಕೆ, ಪಶು ವೈದ್ಯಕೀಯ ಸೇವೆಗಳನ್ನು ಇನ್ನಷ್ಟು ಉತ್ತಮಪಡಿಸುವುದಾಗಿ ಭರವಸೆ ನೀಡಿದರು.
ಜುಲೈ 5 ರಂದು ಕೋಮುಲ್ ಅಧ್ಯಕ್ಷ ಸ್ಥಾನಕ್ಕೆ ಚುನಾವಣೆ ನಿಗದಿಯಾಗಿದ್ದು ಕರ್ನಾಟಕ ಹಾಲು ಮಹಾಮಂಡಳದಲ್ಲಿ 8 ಬಾರಿ ಚುನಾಯಿತರಾಗಿ ಸೇವೆ ಸಲ್ಲಿಸಿರುವ ನಾನು ಈ ಬಾರಿ ಅಧ್ಯಕ್ಷ ಸ್ಥಾನದ ಆಕಾಂಕ್ಷಿಯಾಗಿದ್ದೇನೆ ಎಂದು ಕೋಮುಲ್ ನಿರ್ದೇಶಕ ಜಯಸಿಂಹಕೃಷ್ಣಪ್ಪ ಹೇಳಿದರು. ನಗರದಲ್ಲಿ ಸುದ್ದಿಗಾರರೊಂದಿಗೆ ಮಾತನಾಡಿದ ಅವರು, ಒಕ್ಕೂಟದ ಅಭಿವೃದ್ಧಿಗೆ ಹಲವಾರು ಯೋಜನೆಗಳನ್ನು ರೂಪಿಸಿದ್ದೇನೆ. ಹಾಲು ಉತ್ಪಾದಕರ ಹಿತ ಕಾಪಾಡುವುದು ನನ್ನ ಗುರಿಯಾಗಿದೆ. ಪಕ್ಷದ ವರಿಷ್ಠರು ಹಾಗೂ ಶಾಸಕರು ನನಗೆ ಅವಕಾಶ ಮಾಡಿಕೊಡಬೇಕು ಎಂದು ಮನವಿ ಮಾಡಿದರು. ರೈತರಿಗೆ ಹಾಲಿನ ದರ ಹೆಚ್ಚಳ, ಪಶು ಆಹಾರ ಪೂರೈಕೆ, ಪಶು ವೈದ್ಯಕೀಯ ಸೇವೆಗಳನ್ನು ಇನ್ನಷ್ಟು ಉತ್ತಮಪಡಿಸುವುದಾಗಿ ಭರವಸೆ ನೀಡಿದರು.
